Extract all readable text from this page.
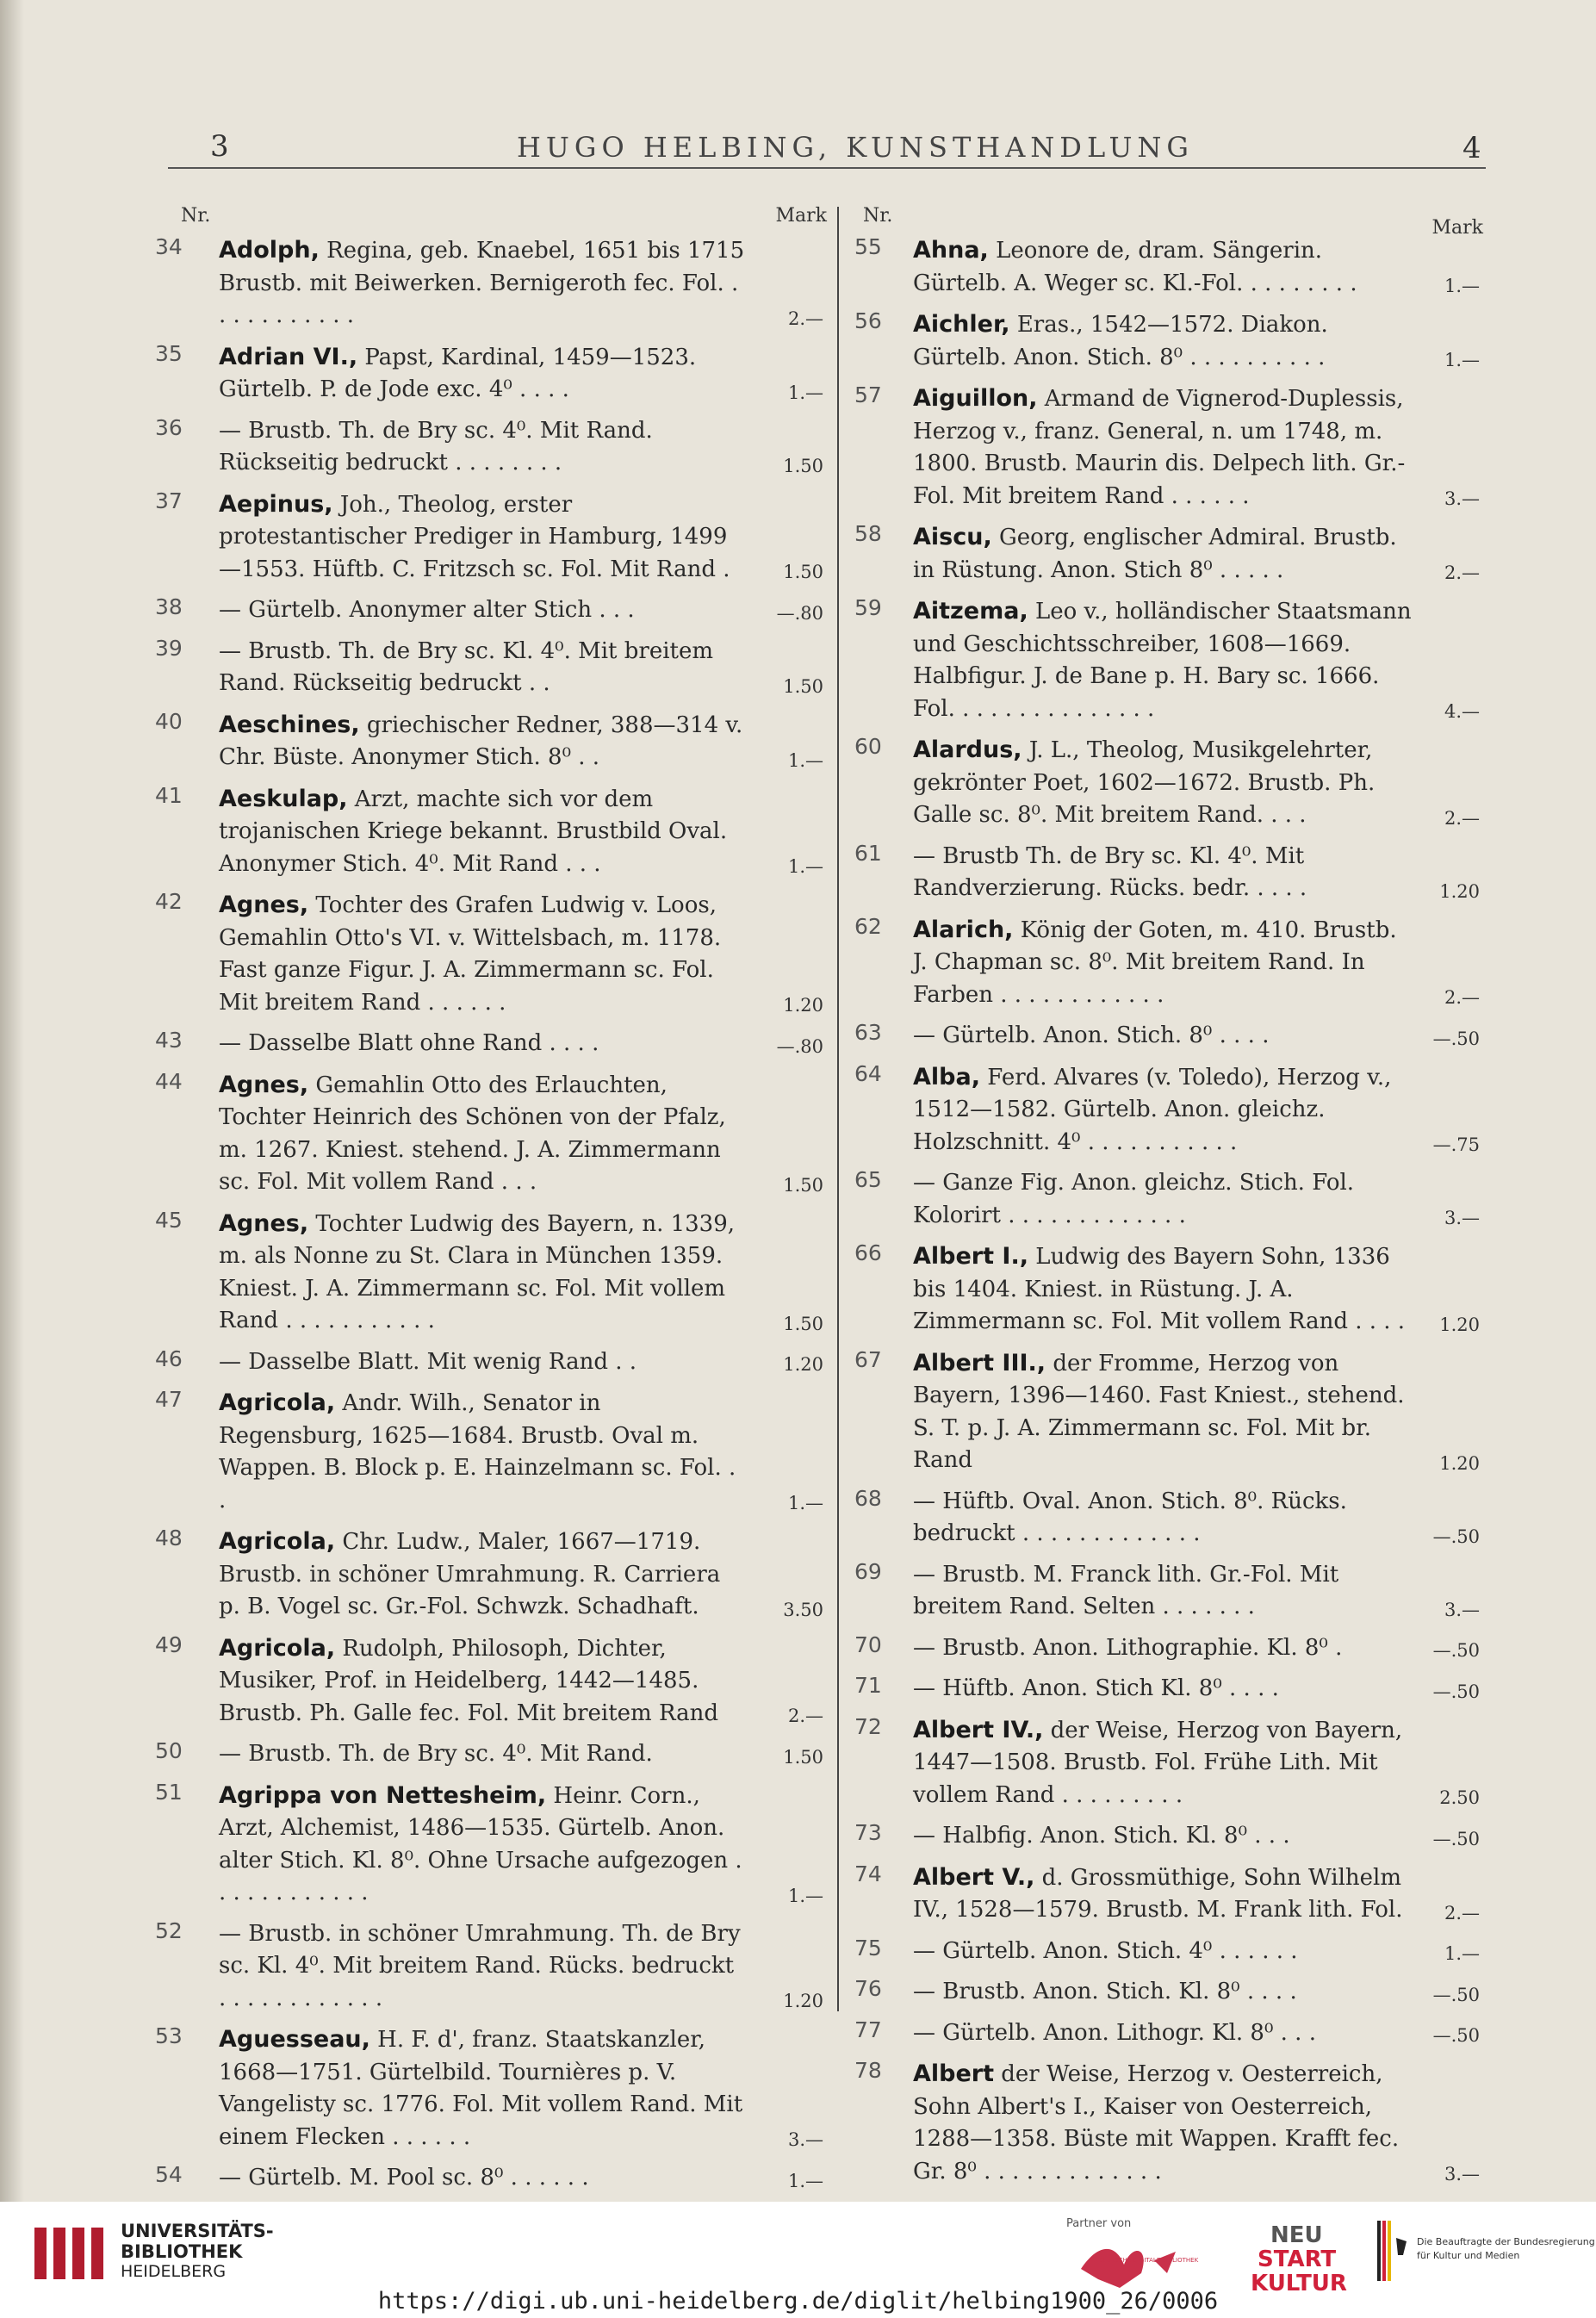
3	HUGO HELBING, KUNSTHANDLUNG	4
Nr.	Mark
34	Adolph, Regina, geb. Knaebel, 1651 bis 1715 Brustb. mit Beiwerken. Bernigeroth fec. Fol. . . . . . . . . . . .	2.—
35	Adrian VI., Papst, Kardinal, 1459—1523. Gürtelb. P. de Jode exc. 4⁰ . . . .	1.—
36	— Brustb. Th. de Bry sc. 4⁰. Mit Rand. Rückseitig bedruckt . . . . . . . .	1.50
37	Aepinus, Joh., Theolog, erster protestantischer Prediger in Hamburg, 1499—1553. Hüftb. C. Fritzsch sc. Fol. Mit Rand .	1.50
38	— Gürtelb. Anonymer alter Stich . . .	—.80
39	— Brustb. Th. de Bry sc. Kl. 4⁰. Mit breitem Rand. Rückseitig bedruckt . .	1.50
40	Aeschines, griechischer Redner, 388—314 v. Chr. Büste. Anonymer Stich. 8⁰ . .	1.—
41	Aeskulap, Arzt, machte sich vor dem trojanischen Kriege bekannt. Brustbild Oval. Anonymer Stich. 4⁰. Mit Rand . . .	1.—
42	Agnes, Tochter des Grafen Ludwig v. Loos, Gemahlin Otto's VI. v. Wittelsbach, m. 1178. Fast ganze Figur. J. A. Zimmermann sc. Fol. Mit breitem Rand . . . . . .	1.20
43	— Dasselbe Blatt ohne Rand . . . .	—.80
44	Agnes, Gemahlin Otto des Erlauchten, Tochter Heinrich des Schönen von der Pfalz, m. 1267. Kniest. stehend. J. A. Zimmermann sc. Fol. Mit vollem Rand . . .	1.50
45	Agnes, Tochter Ludwig des Bayern, n. 1339, m. als Nonne zu St. Clara in München 1359. Kniest. J. A. Zimmermann sc. Fol. Mit vollem Rand . . . . . . . . . . .	1.50
46	— Dasselbe Blatt. Mit wenig Rand . .	1.20
47	Agricola, Andr. Wilh., Senator in Regensburg, 1625—1684. Brustb. Oval m. Wappen. B. Block p. E. Hainzelmann sc. Fol. . .	1.—
48	Agricola, Chr. Ludw., Maler, 1667—1719. Brustb. in schöner Umrahmung. R. Carriera p. B. Vogel sc. Gr.-Fol. Schwzk. Schadhaft.	3.50
49	Agricola, Rudolph, Philosoph, Dichter, Musiker, Prof. in Heidelberg, 1442—1485. Brustb. Ph. Galle fec. Fol. Mit breitem Rand	2.—
50	— Brustb. Th. de Bry sc. 4⁰. Mit Rand.	1.50
51	Agrippa von Nettesheim, Heinr. Corn., Arzt, Alchemist, 1486—1535. Gürtelb. Anon. alter Stich. Kl. 8⁰. Ohne Ursache aufgezogen . . . . . . . . . . . .	1.—
52	— Brustb. in schöner Umrahmung. Th. de Bry sc. Kl. 4⁰. Mit breitem Rand. Rücks. bedruckt . . . . . . . . . . . .	1.20
53	Aguesseau, H. F. d', franz. Staatskanzler, 1668—1751. Gürtelbild. Tournières p. V. Vangelisty sc. 1776. Fol. Mit vollem Rand. Mit einem Flecken . . . . . .	3.—
54	— Gürtelb. M. Pool sc. 8⁰ . . . . . .	1.—
Nr.
Mark
55	Ahna, Leonore de, dram. Sängerin. Gürtelb. A. Weger sc. Kl.-Fol. . . . . . . . .	1.—
56	Aichler, Eras., 1542—1572. Diakon. Gürtelb. Anon. Stich. 8⁰ . . . . . . . . . .	1.—
57	Aiguillon, Armand de Vignerod-Duplessis, Herzog v., franz. General, n. um 1748, m. 1800. Brustb. Maurin dis. Delpech lith. Gr.-Fol. Mit breitem Rand . . . . . .	3.—
58	Aiscu, Georg, englischer Admiral. Brustb. in Rüstung. Anon. Stich 8⁰ . . . . .	2.—
59	Aitzema, Leo v., holländischer Staatsmann und Geschichtsschreiber, 1608—1669. Halbfigur. J. de Bane p. H. Bary sc. 1666. Fol. . . . . . . . . . . . . . .	4.—
60	Alardus, J. L., Theolog, Musikgelehrter, gekrönter Poet, 1602—1672. Brustb. Ph. Galle sc. 8⁰. Mit breitem Rand. . . .	2.—
61	— Brustb Th. de Bry sc. Kl. 4⁰. Mit Randverzierung. Rücks. bedr. . . . .	1.20
62	Alarich, König der Goten, m. 410. Brustb. J. Chapman sc. 8⁰. Mit breitem Rand. In Farben . . . . . . . . . . . .	2.—
63	— Gürtelb. Anon. Stich. 8⁰ . . . .	—.50
64	Alba, Ferd. Alvares (v. Toledo), Herzog v., 1512—1582. Gürtelb. Anon. gleichz. Holzschnitt. 4⁰ . . . . . . . . . . .	—.75
65	— Ganze Fig. Anon. gleichz. Stich. Fol. Kolorirt . . . . . . . . . . . . .	3.—
66	Albert I., Ludwig des Bayern Sohn, 1336 bis 1404. Kniest. in Rüstung. J. A. Zimmermann sc. Fol. Mit vollem Rand . . . .	1.20
67	Albert III., der Fromme, Herzog von Bayern, 1396—1460. Fast Kniest., stehend. S. T. p. J. A. Zimmermann sc. Fol. Mit br. Rand	1.20
68	— Hüftb. Oval. Anon. Stich. 8⁰. Rücks. bedruckt . . . . . . . . . . . . .	—.50
69	— Brustb. M. Franck lith. Gr.-Fol. Mit breitem Rand. Selten . . . . . . .	3.—
70	— Brustb. Anon. Lithographie. Kl. 8⁰ .	—.50
71	— Hüftb. Anon. Stich Kl. 8⁰ . . . .	—.50
72	Albert IV., der Weise, Herzog von Bayern, 1447—1508. Brustb. Fol. Frühe Lith. Mit vollem Rand . . . . . . . . .	2.50
73	— Halbfig. Anon. Stich. Kl. 8⁰ . . .	—.50
74	Albert V., d. Grossmüthige, Sohn Wilhelm IV., 1528—1579. Brustb. M. Frank lith. Fol.	2.—
75	— Gürtelb. Anon. Stich. 4⁰ . . . . . .	1.—
76	— Brustb. Anon. Stich. Kl. 8⁰ . . . .	—.50
77	— Gürtelb. Anon. Lithogr. Kl. 8⁰ . . .	—.50
78	Albert der Weise, Herzog v. Oesterreich, Sohn Albert's I., Kaiser von Oesterreich, 1288—1358. Büste mit Wappen. Krafft fec. Gr. 8⁰ . . . . . . . . . . . . .	3.—
UNIVERSITÄTS-
BIBLIOTHEK
HEIDELBERG
Partner von
DEUTSCHE DIGITALE BIBLIOTHEK
NEU
START
KULTUR
Die Beauftragte der Bundesregierung
für Kultur und Medien
https://digi.ub.uni-heidelberg.de/diglit/helbing1900_26/0006
